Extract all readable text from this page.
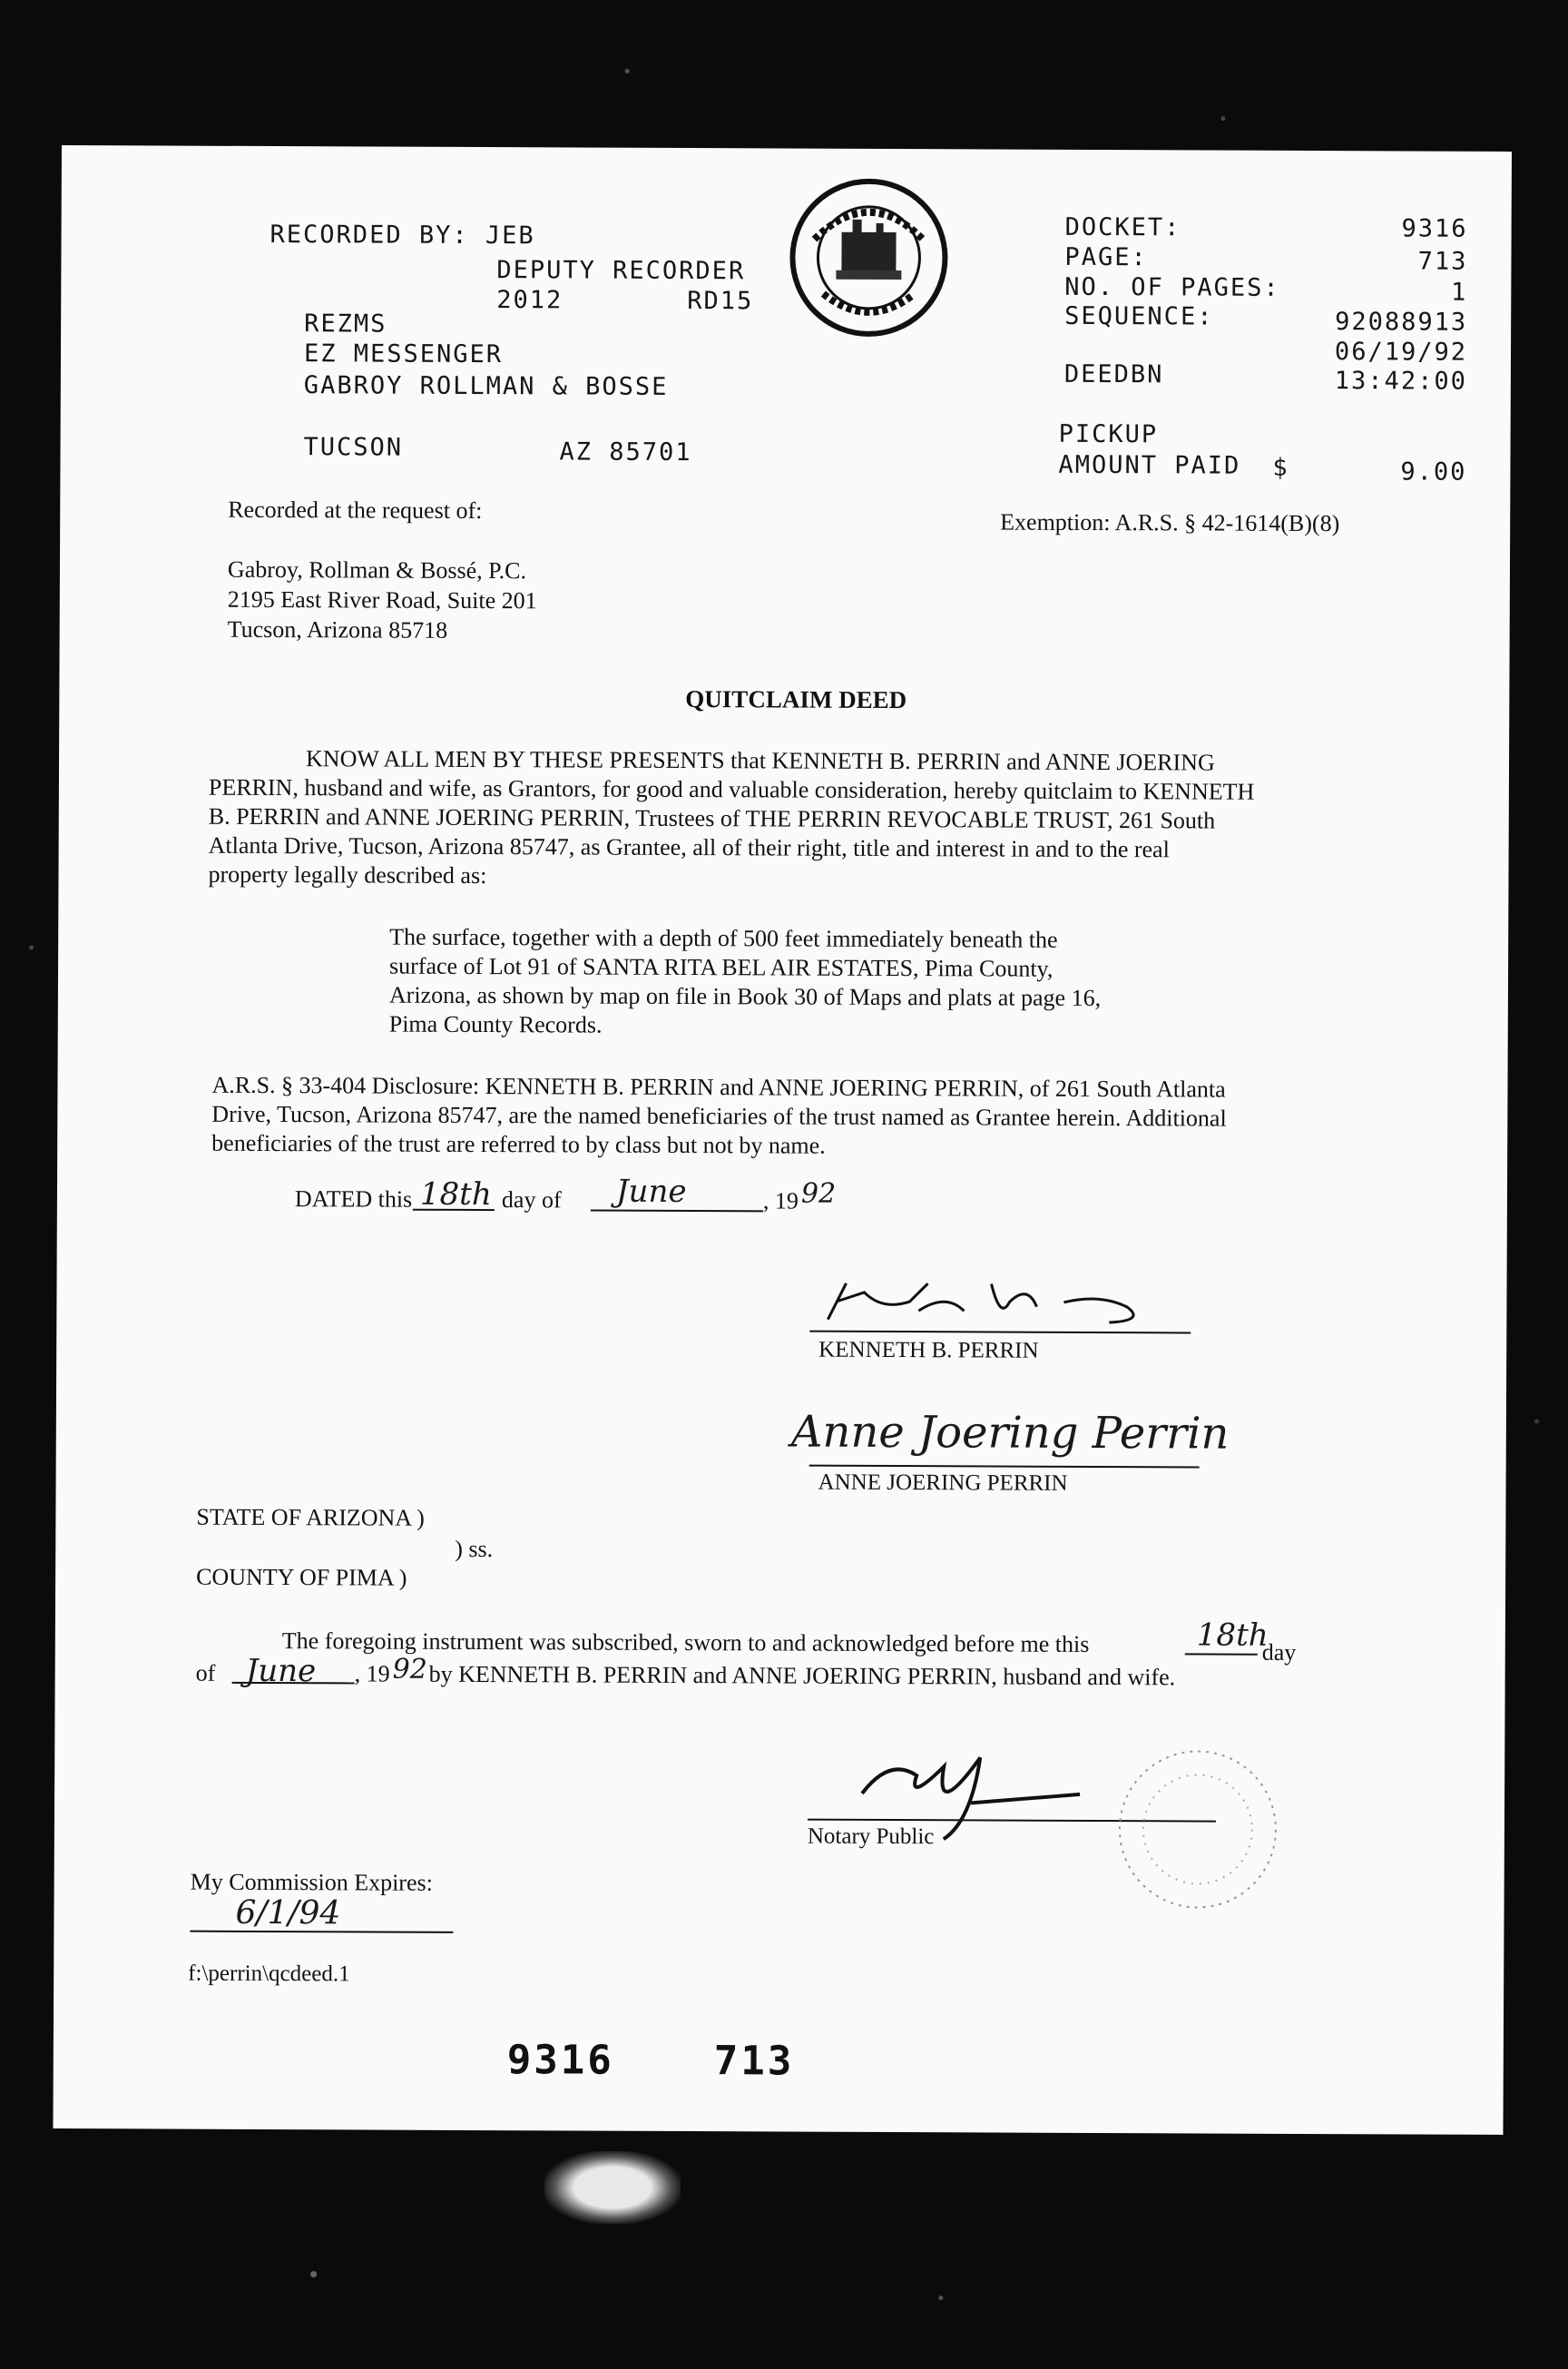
RECORDED BY: JEB
DEPUTY RECORDER
2012	RD15
REZMS
EZ MESSENGER
GABROY ROLLMAN & BOSSE
TUCSON	AZ 85701
DOCKET:	9316
PAGE:	713
NO. OF PAGES:	1
SEQUENCE:	92088913
06/19/92
DEEDBN	13:42:00
PICKUP
AMOUNT PAID $	9.00
Recorded at the request of:	Exemption: A.R.S. § 42-1614(B)(8)
Gabroy, Rollman & Bossé, P.C.
2195 East River Road, Suite 201
Tucson, Arizona 85718
QUITCLAIM DEED
KNOW ALL MEN BY THESE PRESENTS that KENNETH B. PERRIN and ANNE JOERING
PERRIN, husband and wife, as Grantors, for good and valuable consideration, hereby quitclaim to KENNETH
B. PERRIN and ANNE JOERING PERRIN, Trustees of THE PERRIN REVOCABLE TRUST, 261 South
Atlanta Drive, Tucson, Arizona 85747, as Grantee, all of their right, title and interest in and to the real
property legally described as:
The surface, together with a depth of 500 feet immediately beneath the
surface of Lot 91 of SANTA RITA BEL AIR ESTATES, Pima County,
Arizona, as shown by map on file in Book 30 of Maps and plats at page 16,
Pima County Records.
A.R.S. § 33-404 Disclosure: KENNETH B. PERRIN and ANNE JOERING PERRIN, of 261 South Atlanta
Drive, Tucson, Arizona 85747, are the named beneficiaries of the trust named as Grantee herein. Additional
beneficiaries of the trust are referred to by class but not by name.
DATED this 18th day of June	, 19 92
KENNETH B. PERRIN
Anne Joering Perrin
ANNE JOERING PERRIN
STATE OF ARIZONA )
) ss.
COUNTY OF PIMA )
The foregoing instrument was subscribed, sworn to and acknowledged before me this	18th
day
of June , 19 92 by KENNETH B. PERRIN and ANNE JOERING PERRIN, husband and wife.
Notary Public
My Commission Expires:
6/1/94
f:\perrin\qcdeed.1
9316 713
